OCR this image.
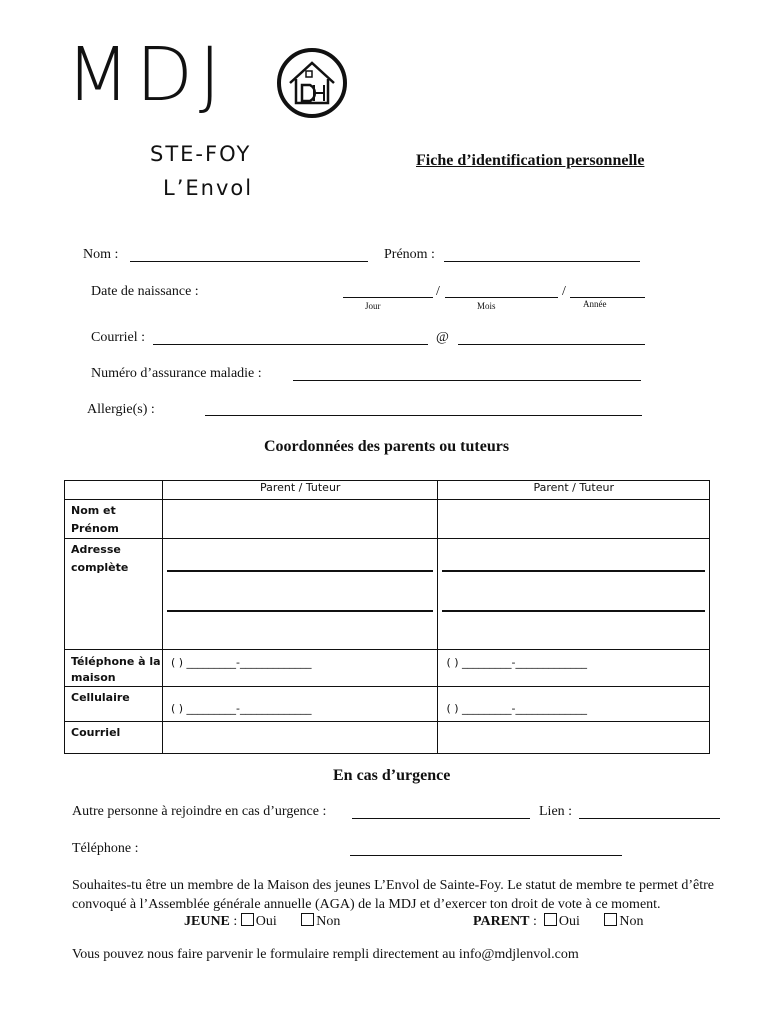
MDJ
STE-FOY
L’Envol
Fiche d’identification personnelle
Nom :	Prénom :
Date de naissance :	/	/
Jour	Mois	Année
Courriel :	@
Numéro d’assurance maladie :
Allergie(s) :
Coordonnées des parents ou tuteurs
	Parent / Tuteur	Parent / Tuteur
Nom et Prénom		
Adresse complète	

Téléphone à la maison	( ) _________-_____________	( ) _________-_____________

Cellulaire	( ) _________-_____________	( ) _________-_____________

Courriel		
En cas d’urgence
Autre personne à rejoindre en cas d’urgence :	Lien :
Téléphone :
Souhaites-tu être un membre de la Maison des jeunes L’Envol de Sainte-Foy. Le statut de membre te permet d’être convoqué à l’Assemblée générale annuelle (AGA) de la MDJ et d’exercer ton droit de vote à ce moment.
JEUNE : Oui	Non	PARENT : Oui	Non
Vous pouvez nous faire parvenir le formulaire rempli directement au info@mdjlenvol.com
